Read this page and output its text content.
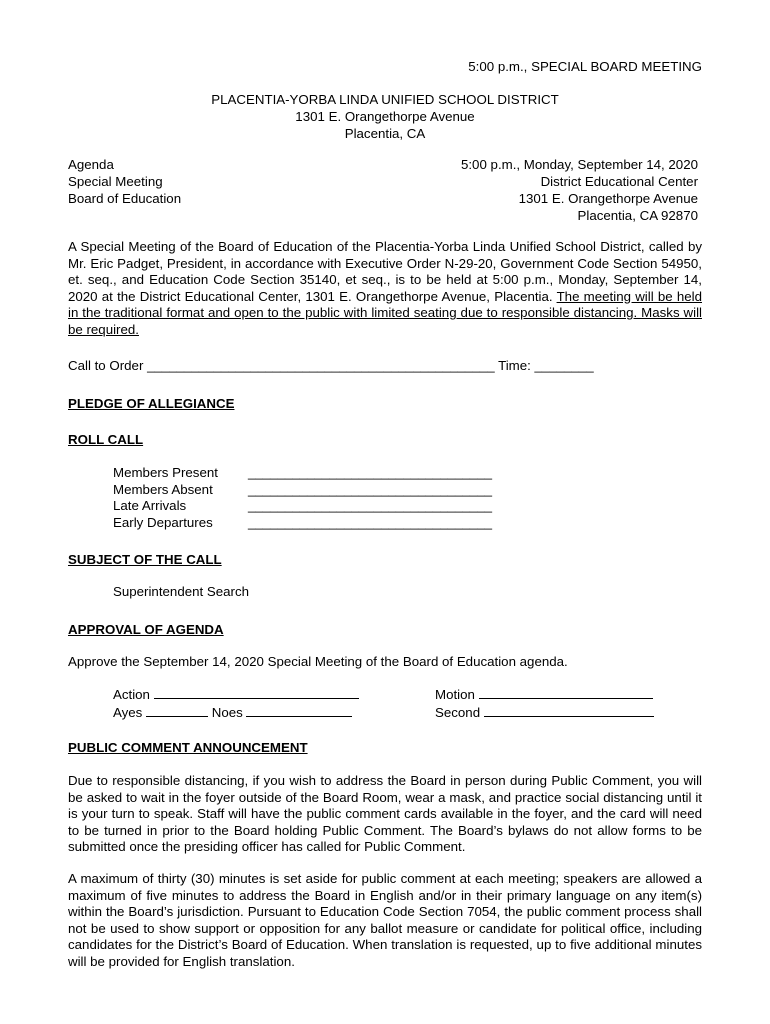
5:00 p.m., SPECIAL BOARD MEETING
PLACENTIA-YORBA LINDA UNIFIED SCHOOL DISTRICT
1301 E. Orangethorpe Avenue
Placentia, CA
Agenda
Special Meeting
Board of Education
5:00 p.m., Monday, September 14, 2020
District Educational Center
1301 E. Orangethorpe Avenue
Placentia, CA 92870
A Special Meeting of the Board of Education of the Placentia-Yorba Linda Unified School District, called by Mr. Eric Padget, President, in accordance with Executive Order N-29-20, Government Code Section 54950, et. seq., and Education Code Section 35140, et seq., is to be held at 5:00 p.m., Monday, September 14, 2020 at the District Educational Center, 1301 E. Orangethorpe Avenue, Placentia. The meeting will be held in the traditional format and open to the public with limited seating due to responsible distancing. Masks will be required.
Call to Order _______________________________________________ Time: ________
PLEDGE OF ALLEGIANCE
ROLL CALL
Members Present
Members Absent
Late Arrivals
Early Departures
_________________________________
_________________________________
_________________________________
_________________________________
SUBJECT OF THE CALL
Superintendent Search
APPROVAL OF AGENDA
Approve the September 14, 2020 Special Meeting of the Board of Education agenda.
Action
Ayes	Noes
Motion
Second
PUBLIC COMMENT ANNOUNCEMENT
Due to responsible distancing, if you wish to address the Board in person during Public Comment, you will be asked to wait in the foyer outside of the Board Room, wear a mask, and practice social distancing until it is your turn to speak. Staff will have the public comment cards available in the foyer, and the card will need to be turned in prior to the Board holding Public Comment. The Board’s bylaws do not allow forms to be submitted once the presiding officer has called for Public Comment.
A maximum of thirty (30) minutes is set aside for public comment at each meeting; speakers are allowed a maximum of five minutes to address the Board in English and/or in their primary language on any item(s) within the Board’s jurisdiction. Pursuant to Education Code Section 7054, the public comment process shall not be used to show support or opposition for any ballot measure or candidate for political office, including candidates for the District’s Board of Education. When translation is requested, up to five additional minutes will be provided for English translation.
